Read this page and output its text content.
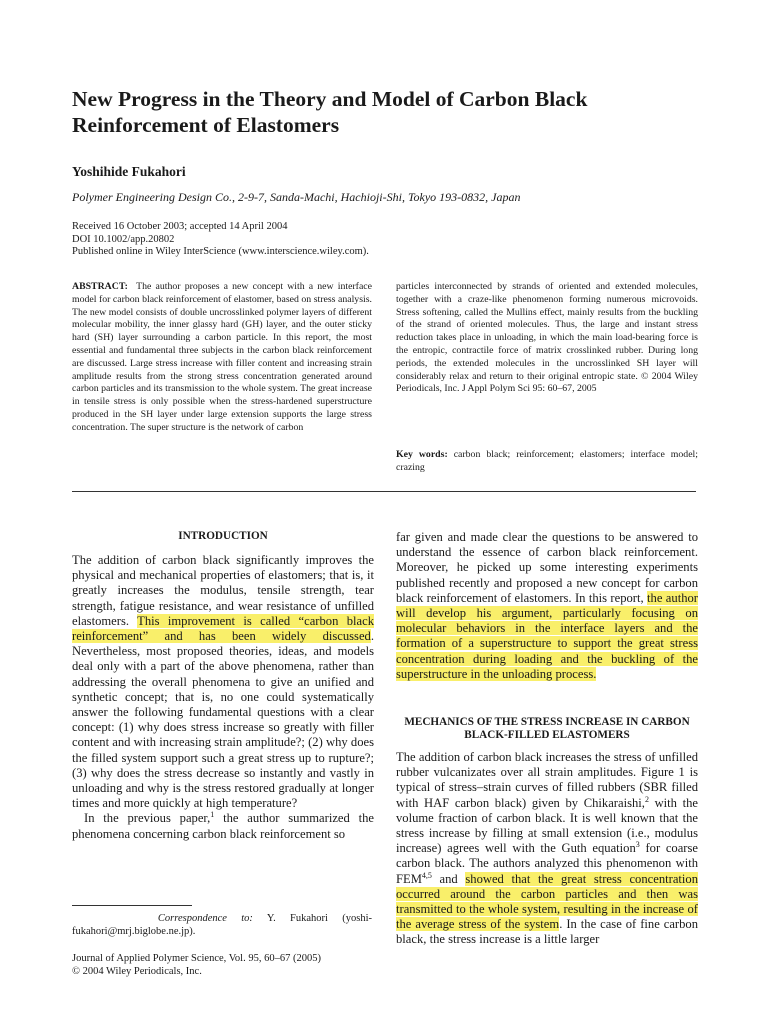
New Progress in the Theory and Model of Carbon Black Reinforcement of Elastomers
Yoshihide Fukahori
Polymer Engineering Design Co., 2-9-7, Sanda-Machi, Hachioji-Shi, Tokyo 193-0832, Japan
Received 16 October 2003; accepted 14 April 2004
DOI 10.1002/app.20802
Published online in Wiley InterScience (www.interscience.wiley.com).

ABSTRACT: The author proposes a new concept with a new interface model for carbon black reinforcement of elastomer, based on stress analysis. The new model consists of double uncrosslinked polymer layers of different molecular mobility, the inner glassy hard (GH) layer, and the outer sticky hard (SH) layer surrounding a carbon particle. In this report, the most essential and fundamental three subjects in the carbon black reinforcement are discussed. Large stress increase with filler content and increasing strain amplitude results from the strong stress concentration generated around carbon particles and its transmission to the whole system. The great increase in tensile stress is only possible when the stress-hardened superstructure produced in the SH layer under large extension supports the large stress concentration. The super structure is the network of carbon

particles interconnected by strands of oriented and extended molecules, together with a craze-like phenomenon forming numerous microvoids. Stress softening, called the Mullins effect, mainly results from the buckling of the strand of oriented molecules. Thus, the large and instant stress reduction takes place in unloading, in which the main load-bearing force is the entropic, contractile force of matrix crosslinked rubber. During long periods, the extended molecules in the uncrosslinked SH layer will considerably relax and return to their original entropic state. © 2004 Wiley Periodicals, Inc. J Appl Polym Sci 95: 60–67, 2005

Key words: carbon black; reinforcement; elastomers; interface model; crazing

INTRODUCTION

The addition of carbon black significantly improves the physical and mechanical properties of elastomers; that is, it greatly increases the modulus, tensile strength, tear strength, fatigue resistance, and wear resistance of unfilled elastomers. This improvement is called “carbon black reinforcement” and has been widely discussed. Nevertheless, most proposed theories, ideas, and models deal only with a part of the above phenomena, rather than addressing the overall phenomena to give an unified and synthetic concept; that is, no one could systematically answer the following fundamental questions with a clear concept: (1) why does stress increase so greatly with filler content and with increasing strain amplitude?; (2) why does the filled system support such a great stress up to rupture?; (3) why does the stress decrease so instantly and vastly in unloading and why is the stress restored gradually at longer times and more quickly at high temperature?

In the previous paper,$^1$ the author summarized the phenomena concerning carbon black reinforcement so

far given and made clear the questions to be answered to understand the essence of carbon black reinforcement. Moreover, he picked up some interesting experiments published recently and proposed a new concept for carbon black reinforcement of elastomers. In this report, the author will develop his argument, particularly focusing on molecular behaviors in the interface layers and the formation of a superstructure to support the great stress concentration during loading and the buckling of the superstructure in the unloading process.

MECHANICS OF THE STRESS INCREASE IN CARBON BLACK-FILLED ELASTOMERS

The addition of carbon black increases the stress of unfilled rubber vulcanizates over all strain amplitudes. Figure 1 is typical of stress–strain curves of filled rubbers (SBR filled with HAF carbon black) given by Chikaraishi,$^2$ with the volume fraction of carbon black. It is well known that the stress increase by filling at small extension (i.e., modulus increase) agrees well with the Guth equation$^3$ for coarse carbon black. The authors analyzed this phenomenon with FEM$^{4,5}$ and showed that the great stress concentration occurred around the carbon particles and then was transmitted to the whole system, resulting in the increase of the average stress of the system. In the case of fine carbon black, the stress increase is a little larger

Correspondence to: Y. Fukahori (yoshi-fukahori@mrj.biglobe.ne.jp).

Journal of Applied Polymer Science, Vol. 95, 60–67 (2005)
© 2004 Wiley Periodicals, Inc.
